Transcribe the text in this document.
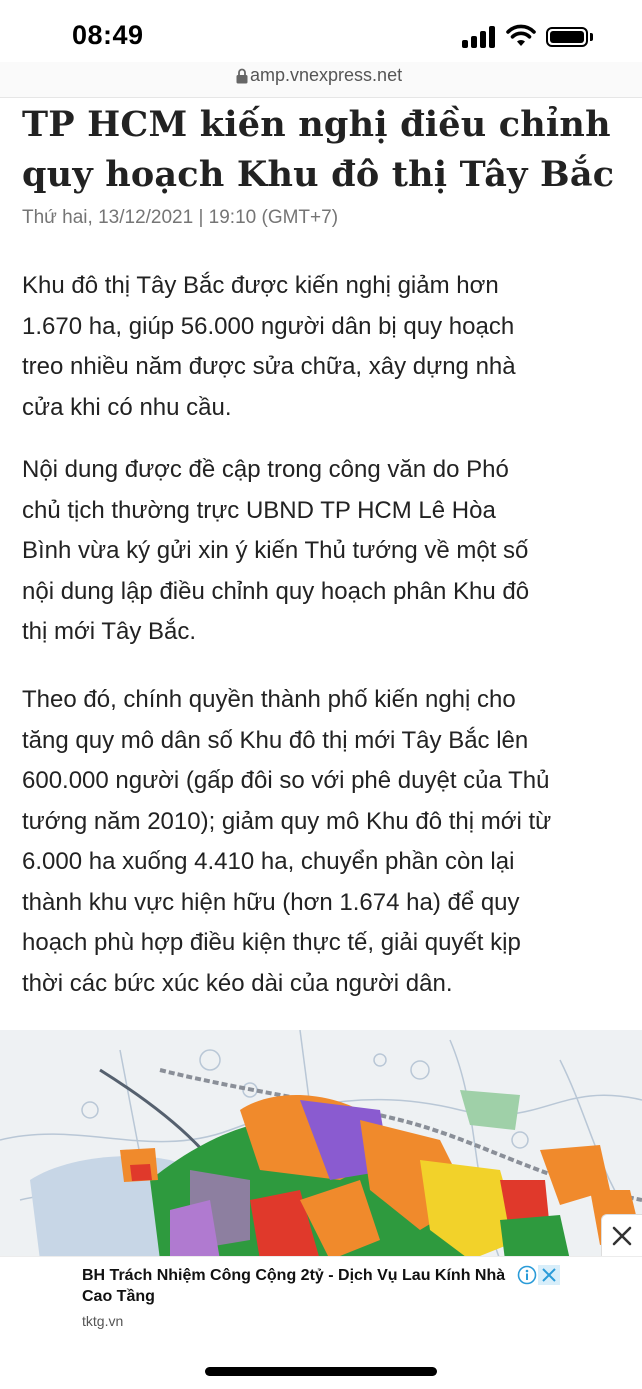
08:49
amp.vnexpress.net
TP HCM kiến nghị điều chỉnh
quy hoạch Khu đô thị Tây Bắc
Thứ hai, 13/12/2021 | 19:10 (GMT+7)
Khu đô thị Tây Bắc được kiến nghị giảm hơn
1.670 ha, giúp 56.000 người dân bị quy hoạch
treo nhiều năm được sửa chữa, xây dựng nhà
cửa khi có nhu cầu.
Nội dung được đề cập trong công văn do Phó
chủ tịch thường trực UBND TP HCM Lê Hòa
Bình vừa ký gửi xin ý kiến Thủ tướng về một số
nội dung lập điều chỉnh quy hoạch phân Khu đô
thị mới Tây Bắc.
Theo đó, chính quyền thành phố kiến nghị cho
tăng quy mô dân số Khu đô thị mới Tây Bắc lên
600.000 người (gấp đôi so với phê duyệt của Thủ
tướng năm 2010); giảm quy mô Khu đô thị mới từ
6.000 ha xuống 4.410 ha, chuyển phần còn lại
thành khu vực hiện hữu (hơn 1.674 ha) để quy
hoạch phù hợp điều kiện thực tế, giải quyết kịp
thời các bức xúc kéo dài của người dân.
BH Trách Nhiệm Công Cộng 2tỷ - Dịch Vụ Lau Kính Nhà Cao Tầng
tktg.vn
